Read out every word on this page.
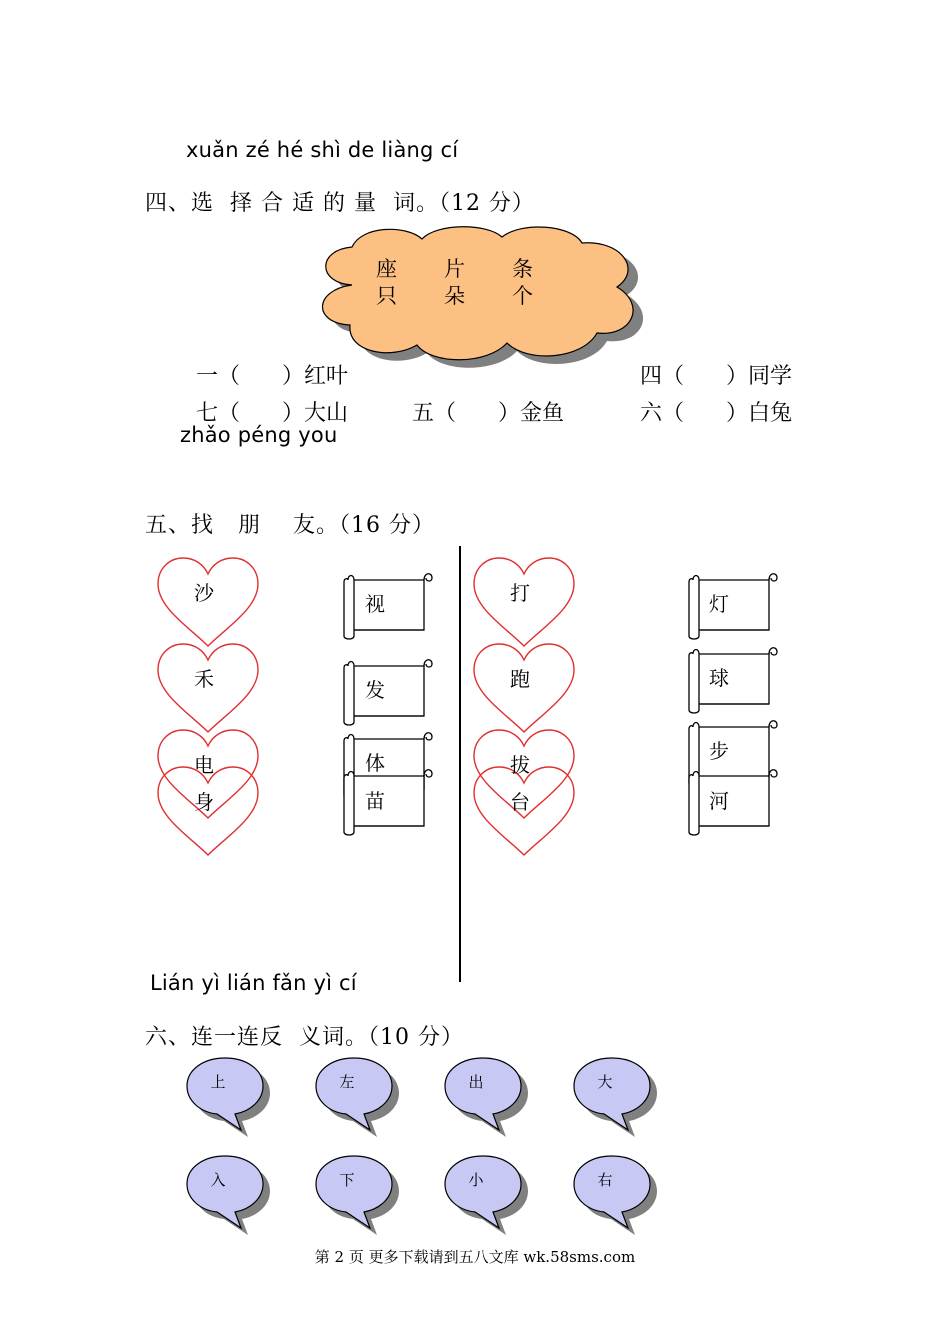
xuǎn zé hé shì de liàng cí
四、选  择 合 适 的 量  词。（12 分）

一（      ）红叶	四（      ）同学

七（      ）大山	五（      ）金鱼	六（      ）白兔

座 片 条
只 朵 个
zhǎo péng you
五、找   朋    友。（16 分）
沙
禾
电
身
打
跑
拔
台
视
发
体
苗
灯
球
步
河
Lián yì lián fǎn yì cí
六、连一连反  义词。（10 分）
上	左	出	大
入	下	小	右
第 2 页 更多下载请到五八文库 wk.58sms.com
